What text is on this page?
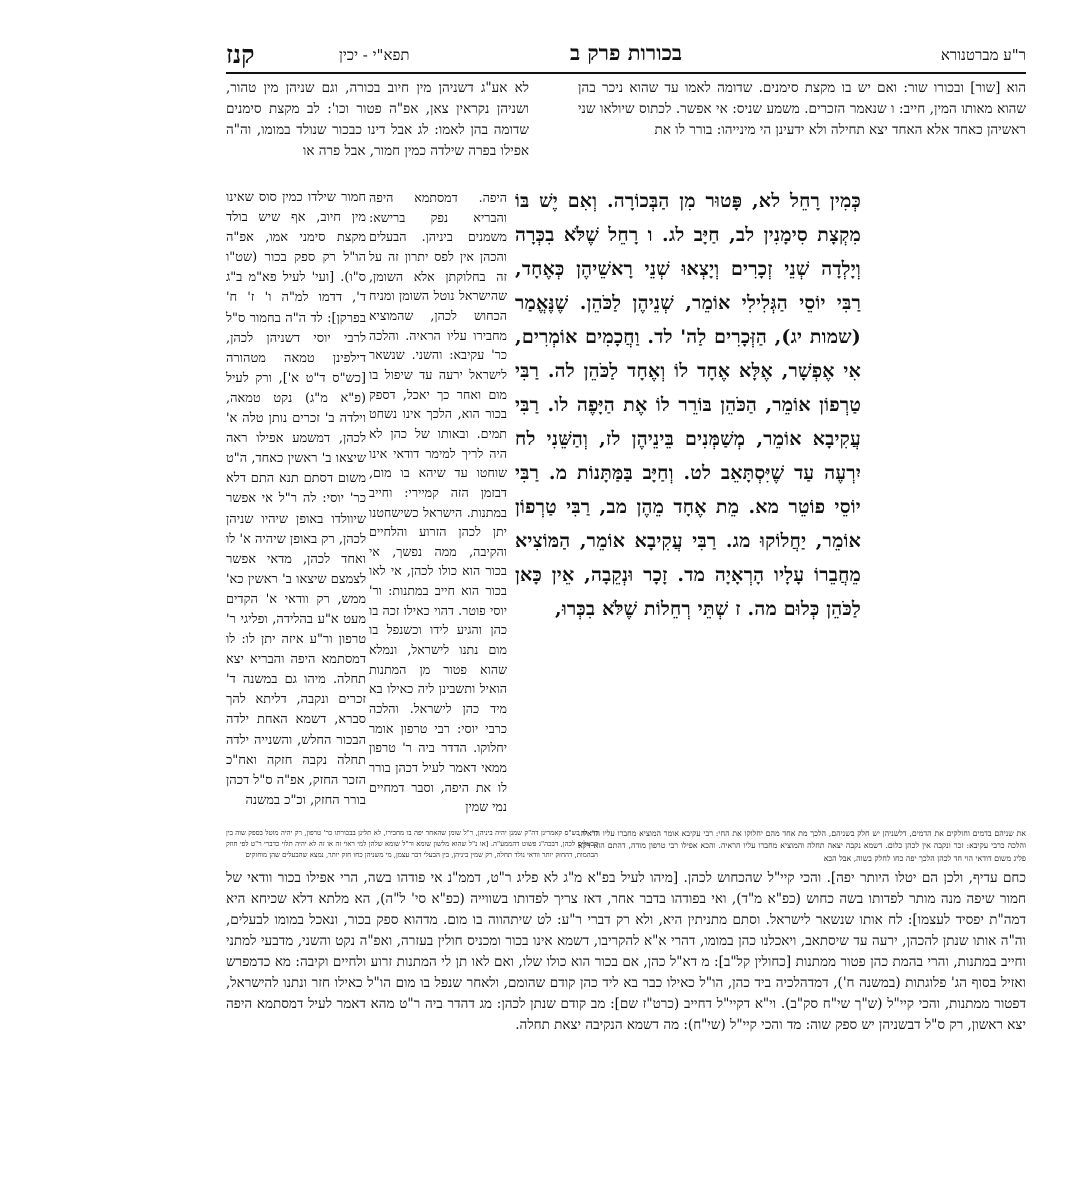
ר"ע מברטנורא
בכורות פרק ב
תפא"י - יכין
קנז

הוא [שור] ובכורו שור: ואם יש בו מקצת סימנים. שדומה לאמו עד שהוא ניכר בהן שהוא מאותו המין, חייב: ו שנאמר הזכרים. משמע שניס: אי אפשר. לכתוס שיולאו שני ראשיהן כאחד אלא האחד יצא תחילה ולא ידעינן הי מינייהו: בורר לו את

לא אע"ג דשניהן מין חיוב בכורה, וגם שניהן מין טהור, ושניהן נקראין צאן, אפ"ה פטור וכו': לב מקצת סימנים שדומה בהן לאמו: לג אבל דינו כבכור שנולד במומו, וה"ה אפילו בפרה שילדה כמין חמור, אבל פרה או

היפה. דמסתמא היפה והבריא נפק ברישא: משמנים ביניהן. הבעלים והכהן אין לפס יתרון זה על זה בחלוקתן אלא השומן, שהישראל נוטל השומן ומניח הכחוש לכהן, שהמוציא מחבירו עליו הראיה. והלכה כר' עקיבא: והשני. שנשאר לישראל ירעה עד שיפול בו מום ואחר כך יאכל, דספק בכור הוא, הלכך אינו נשחט תמים. ובאותו של כהן לא היה לריך למימר דודאי אינו שוחטו עד שיהא בו מום, דבזמן הזה קמיירי: וחייב במתנות. הישראל כשישחטנו יתן לכהן הזרוע והלחיים והקיבה, ממה נפשך, אי בכור הוא כולו לכהן, אי לאו בכור הוא חייב במתנות: ור' יוסי פוטר. דהוי כאילו זכה בו כהן והגיע לידו וכשנפל בו מום נתנו לישראל, ונמלא שהוא פטור מן המתנות הואיל ותשבינן ליה כאילו בא מיד כהן לישראל. והלכה כרבי יוסי: רבי טרפון אומר יחלוקו. הדדר ביה ר' טרפון ממאי דאמר לעיל דכהן בורר לו את היפה, וסבר דמחיים נמי שמין

כְּמִין רָחֵל לא, פָּטוּר מִן הַבְּכוֹרָה. וְאִם יֶשׁ בּוֹ מִקְצָת סִימָנִין לב, חַיָּב לג. ו רָחֵל שֶׁלֹּא בִכְּרָה וְיָלְדָה שְׁנֵי זְכָרִים וְיָצְאוּ שְׁנֵי רָאשֵׁיהֶן כְּאֶחָד, רַבִּי יוֹסֵי הַגְּלִילִי אוֹמֵר, שְׁנֵיהֶן לַכֹּהֵן. שֶׁנֶּאֱמַר (שמות יג), הַזְּכָרִים לַה' לד. וַחֲכָמִים אוֹמְרִים, אִי אֶפְשָׁר, אֶלָּא אֶחָד לוֹ וְאֶחָד לַכֹּהֵן לה. רַבִּי טַרְפוֹן אוֹמֵר, הַכֹּהֵן בּוֹרֵר לוֹ אֶת הַיָּפֶה לו. רַבִּי עֲקִיבָא אוֹמֵר, מְשַׁמְּנִים בֵּינֵיהֶן לז, וְהַשֵּׁנִי לח יִרְעֶה עַד שֶׁיִּסְתָּאֵב לט. וְחַיָּב בַּמַּתָּנוֹת מ. רַבִּי יוֹסֵי פוֹטֵר מא. מֵת אֶחָד מֵהֶן מב, רַבִּי טַרְפוֹן אוֹמֵר, יַחֲלוֹקוּ מג. רַבִּי עֲקִיבָא אוֹמֵר, הַמּוֹצִיא מֵחֲבֵרוֹ עָלָיו הָרְאָיָה מד. זָכָר וּנְקֵבָה, אֵין כָּאן לַכֹּהֵן כְּלוּם מה. ז שְׁתֵּי רְחֵלוֹת שֶׁלֹּא בִכְּרוּ,

חמור שילדו כמין סוס שאינו מין חיוב, אף שיש בולד מקצת סימני אמו, אפ"ה הו"ל רק ספק בכור (שט"ו ס"ו). [ועי' לעיל פא"מ ב"ג ד', דדמו למ"ה ו' ז' ח' בפרקן]: לד ה"ה בחמור ס"ל לרבי יוסי דשניהן לכהן, דילפינן טמאה מטהורה [כש"ס ד"ט א'], ורק לעיל (פ"א מ"ג) נקט טמאה, וילדה ב' זכרים נותן טלה א' לכהן, דמשמע אפילו ראה שיצאו ב' ראשין כאחד, ה"ט משום דסתם תנא התם דלא כר' יוסי: לה ר"ל אי אפשר שיוולדו באופן שיהיו שניהן לכהן, רק באופן שיהיה א' לו ואחד לכהן, מדאי אפשר לצמצם שיצאו ב' ראשין כא' ממש, רק וודאי א' הקדים מעט א"ע בהלידה, ופליגי ר' טרפון ור"ע איזה יתן לו: לו דמסתמא היפה והבריא יצא תחלה. מיהו גם במשנה ד' זכרים ונקבה, דליתא להך סברא, דשמא האחת ילדה הבכור החלש, והשנייה ילדה תחלה נקבה חזקה ואח"כ הזכר החזק, אפ"ה ס"ל דכהן בורר החזק, וכ"כ במשנה

את שניהם בדמים וחולקים את הדמים, דלשניהן יש חלק בשניהם, הלכך מת אחד מהם יחלוקו את החי: רבי עקיבא אומר המוציא מחברו עליו הראיה. והלכה כרבי עקיבא: זכר ונקבה אין לכהן כלום. דשמא נקבה יצאה תחלה והמוציא מחברו עליו הראיה. והכא אפילו רבי טרפון מודה, דהתם הוא דקא פליג משום דודאי הוי חד לכהן הלכך יפה כחו לחלק בשוה, אבל הכא

ח': לז בש"ס קאמרינן דה"ק שמנן יהיה ביניהן, ר"ל שומן שהאחד יפה בו מחבירו, לא תלינן בבכורתו כר' טרפון, רק יהיה מוטל בספק שוה בין הבעלים לכהן, דבכה"ג פשוט דהממע"ה. [או נ"ל שהוא מלשון שומא ור"ל שומא שלהן למי ראוי זה או זה לא יהיה תלוי כדברי ר"ט לפי חוזק הבהמות, דהחזק יותר וודאי נולד תחלה, רק שמין ביניהן, בין הבעלי דבר עצמן, מי משניהן כחו חזק יותר, נמצא שהבעלים שהן מוחזקים

כחם עדיף, ולכן הם יטלו היותר יפה]. והכי קיי"ל שהכחוש לכהן. [מיהו לעיל בפ"א מ"ג לא פליג ר"ט, דממ"נ אי פודהו בשה, הרי אפילו בכור וודאי של חמור שיפה מנה מותר לפדותו בשה כחוש (כפ"א מ"ד), ואי בפודהו בדבר אחר, דאז צריך לפדותו בשווייה (כפ"א סי' ל"ה), הא מלתא דלא שכיחא היא דמה"ת יפסיד לעצמו]: לח אותו שנשאר לישראל. וסתם מתניתין היא, ולא רק דברי ר"ע: לט שיתהווה בו מום. מדהוא ספק בכור, ונאכל במומו לבעלים, וה"ה אותו שנתן להכהן, ירעה עד שיסתאב, ויאכלנו כהן במומו, דהרי א"א להקריבו, דשמא אינו בכור ומכניס חולין בעזרה, ואפ"ה נקט והשני, מדבעי למתני וחייב במתנות, והרי בהמת כהן פטור ממתנות [כחולין קל"ב]: מ דא"ל כהן, אם בכור הוא כולו שלו, ואם לאו תן לי המתנות זרוע ולחיים וקיבה: מא כדמפרש ואזיל בסוף הג' פלוגתות (במשנה ח'), דמדהלכיה ביד כהן, הו"ל כאילו כבר בא ליד כהן קודם שהומם, ולאחר שנפל בו מום הו"ל כאילו חזר ונתנו להישראל, דפטור ממתנות, והכי קיי"ל (ש"ך שי"ח סק"ב). וי"א דקיי"ל דחייב (כרט"ז שם]: מב קודם שנתן לכהן: מג דהדר ביה ר"ט מהא דאמר לעיל דמסתמא היפה יצא ראשון, רק ס"ל דבשניהן יש ספק שוה: מד והכי קיי"ל (שי"ח): מה דשמא הנקיבה יצאת תחלה.
